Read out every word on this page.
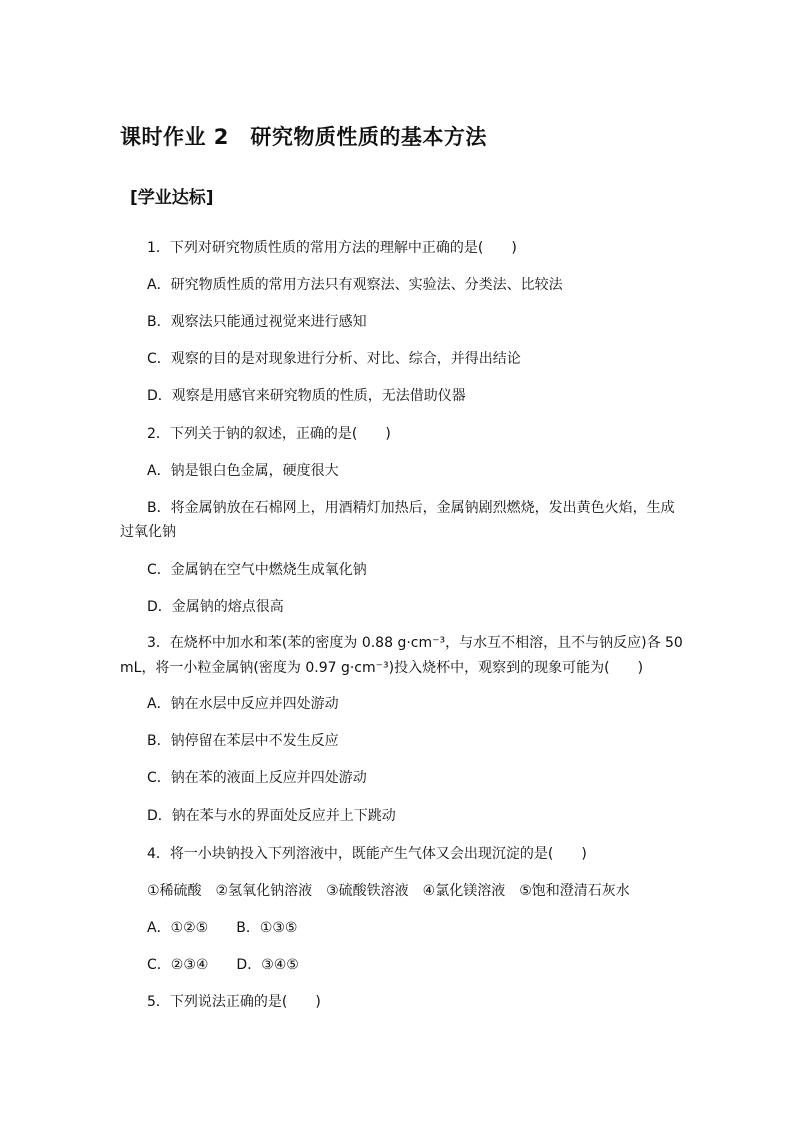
课时作业 2　研究物质性质的基本方法
[学业达标]
1．下列对研究物质性质的常用方法的理解中正确的是(　　)
A．研究物质性质的常用方法只有观察法、实验法、分类法、比较法
B．观察法只能通过视觉来进行感知
C．观察的目的是对现象进行分析、对比、综合，并得出结论
D．观察是用感官来研究物质的性质，无法借助仪器
2．下列关于钠的叙述，正确的是(　　)
A．钠是银白色金属，硬度很大
B．将金属钠放在石棉网上，用酒精灯加热后，金属钠剧烈燃烧，发出黄色火焰，生成
过氧化钠
C．金属钠在空气中燃烧生成氧化钠
D．金属钠的熔点很高
3．在烧杯中加水和苯(苯的密度为 0.88 g·cm⁻³，与水互不相溶，且不与钠反应)各 50
mL，将一小粒金属钠(密度为 0.97 g·cm⁻³)投入烧杯中，观察到的现象可能为(　　)
A．钠在水层中反应并四处游动
B．钠停留在苯层中不发生反应
C．钠在苯的液面上反应并四处游动
D．钠在苯与水的界面处反应并上下跳动
4．将一小块钠投入下列溶液中，既能产生气体又会出现沉淀的是(　　)
①稀硫酸　②氢氧化钠溶液　③硫酸铁溶液　④氯化镁溶液　⑤饱和澄清石灰水
A．①②⑤　　B．①③⑤
C．②③④　　D．③④⑤
5．下列说法正确的是(　　)
